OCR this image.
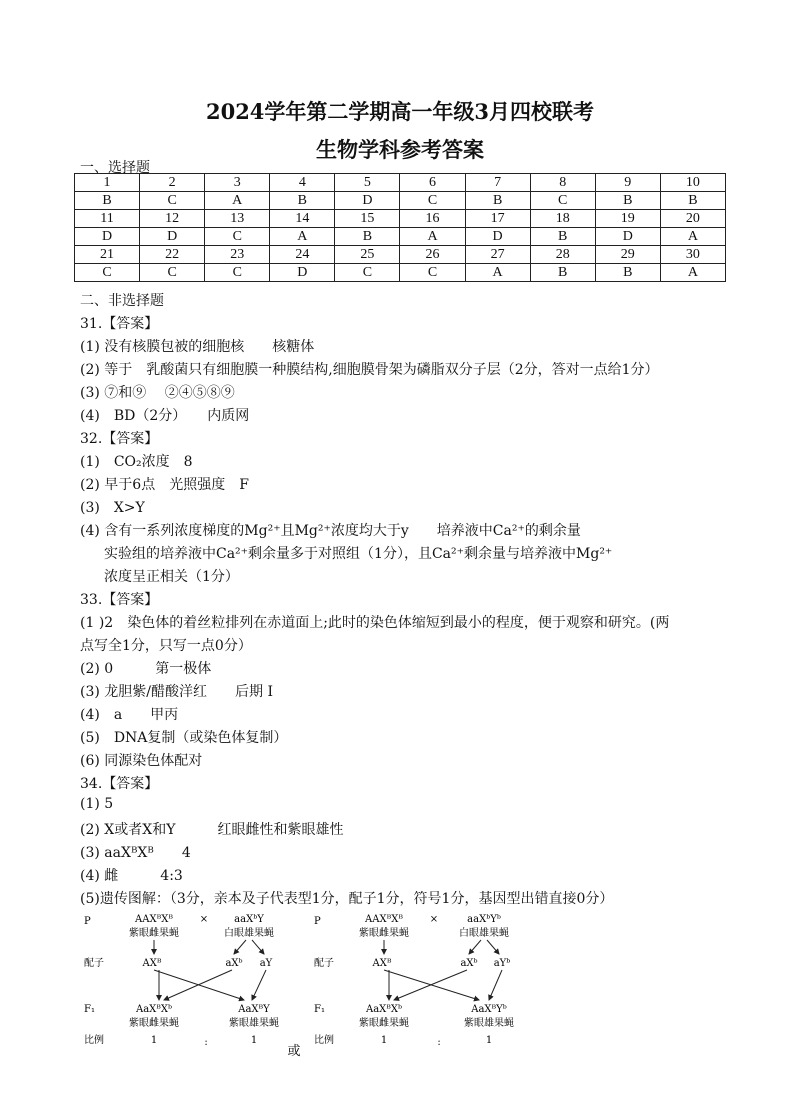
2024学年第二学期高一年级3月四校联考
生物学科参考答案
一、选择题
1	2	3	4	5	6	7	8	9	10
B	C	A	B	D	C	B	C	B	B
11	12	13	14	15	16	17	18	19	20
D	D	C	A	B	A	D	B	D	A
21	22	23	24	25	26	27	28	29	30
C	C	C	D	C	C	A	B	B	A
二、非选择题
31.【答案】
(1) 没有核膜包被的细胞核　　核糖体
(2) 等于　乳酸菌只有细胞膜一种膜结构,细胞膜骨架为磷脂双分子层（2分，答对一点给1分）
(3) ⑦和⑨　 ②④⑤⑧⑨
(4)　BD（2分）　　内质网
32.【答案】
(1)　CO₂浓度　8
(2) 早于6点　光照强度　F
(3)　X>Y
(4) 含有一系列浓度梯度的Mg²⁺且Mg²⁺浓度均大于y　　培养液中Ca²⁺的剩余量
实验组的培养液中Ca²⁺剩余量多于对照组（1分），且Ca²⁺剩余量与培养液中Mg²⁺
浓度呈正相关（1分）
33.【答案】
(1 )2　染色体的着丝粒排列在赤道面上;此时的染色体缩短到最小的程度，便于观察和研究。(两
点写全1分，只写一点0分）
(2) 0　　　第一极体
(3) 龙胆紫/醋酸洋红　　后期 I
(4)　a　　甲丙
(5)　DNA复制（或染色体复制）
(6) 同源染色体配对
34.【答案】
(1) 5
(2) X或者X和Y　　　红眼雌性和紫眼雄性
(3) aaXᴮXᴮ　　4
(4) 雌　　　4:3
(5)遗传图解：（3分，亲本及子代表型1分，配子1分，符号1分，基因型出错直接0分）
P	AAXᴮXᴮ
紫眼雌果蝇
×	aaXᵇY
白眼雄果蝇
配子	AXᴮ	aXᵇ aY
F₁	AaXᴮXᵇ
紫眼雌果蝇
AaXᴮY
紫眼雄果蝇
比例	1	:	1
或
P	AAXᴮXᴮ
紫眼雌果蝇
×	aaXᵇYᵇ
白眼雄果蝇
配子	AXᴮ	aXᵇ aYᵇ
F₁	AaXᴮXᵇ
紫眼雌果蝇
AaXᴮYᵇ
紫眼雄果蝇
比例	1	:	1
